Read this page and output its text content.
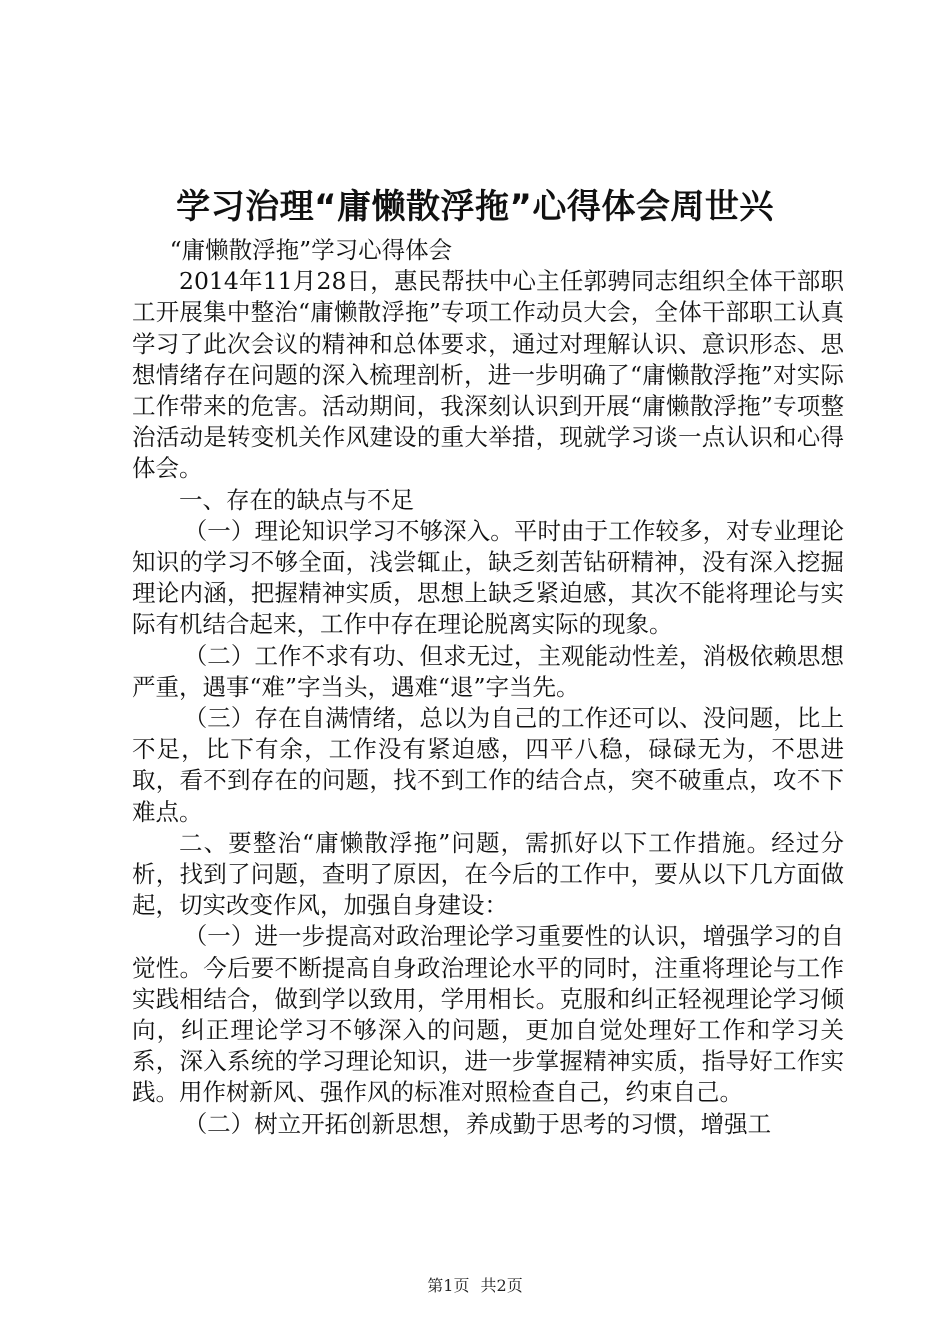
学习治理“庸懒散浮拖”心得体会周世兴

“庸懒散浮拖”学习心得体会

2014年11月28日，惠民帮扶中心主任郭骋同志组织全体干部职工开展集中整治“庸懒散浮拖”专项工作动员大会，全体干部职工认真学习了此次会议的精神和总体要求，通过对理解认识、意识形态、思想情绪存在问题的深入梳理剖析，进一步明确了“庸懒散浮拖”对实际工作带来的危害。活动期间，我深刻认识到开展“庸懒散浮拖”专项整治活动是转变机关作风建设的重大举措，现就学习谈一点认识和心得体会。

一、存在的缺点与不足

（一）理论知识学习不够深入。平时由于工作较多，对专业理论知识的学习不够全面，浅尝辄止，缺乏刻苦钻研精神，没有深入挖掘理论内涵，把握精神实质，思想上缺乏紧迫感，其次不能将理论与实际有机结合起来，工作中存在理论脱离实际的现象。

（二）工作不求有功、但求无过，主观能动性差，消极依赖思想严重，遇事“难”字当头，遇难“退”字当先。

（三）存在自满情绪，总以为自己的工作还可以、没问题，比上不足，比下有余，工作没有紧迫感，四平八稳，碌碌无为，不思进取，看不到存在的问题，找不到工作的结合点，突不破重点，攻不下难点。

二、要整治“庸懒散浮拖”问题，需抓好以下工作措施。经过分析，找到了问题，查明了原因，在今后的工作中，要从以下几方面做起，切实改变作风，加强自身建设：

（一）进一步提高对政治理论学习重要性的认识，增强学习的自觉性。今后要不断提高自身政治理论水平的同时，注重将理论与工作实践相结合，做到学以致用，学用相长。克服和纠正轻视理论学习倾向，纠正理论学习不够深入的问题，更加自觉处理好工作和学习关系，深入系统的学习理论知识，进一步掌握精神实质，指导好工作实践。用作树新风、强作风的标准对照检查自己，约束自己。

（二）树立开拓创新思想，养成勤于思考的习惯，增强工

第1页 共2页
